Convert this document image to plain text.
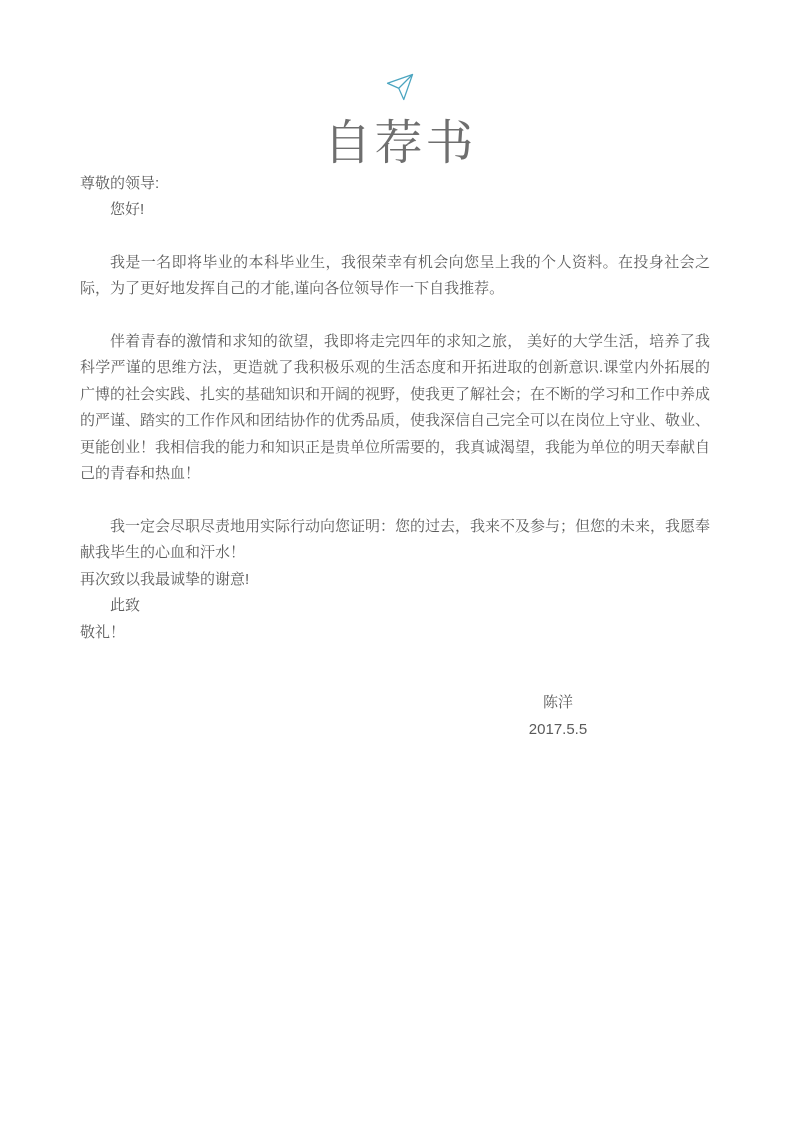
自荐书

尊敬的领导:

您好!

我是一名即将毕业的本科毕业生，我很荣幸有机会向您呈上我的个人资料。在投身社会之际，为了更好地发挥自己的才能,谨向各位领导作一下自我推荐。

伴着青春的激情和求知的欲望，我即将走完四年的求知之旅， 美好的大学生活，培养了我科学严谨的思维方法，更造就了我积极乐观的生活态度和开拓进取的创新意识.课堂内外拓展的广博的社会实践、扎实的基础知识和开阔的视野，使我更了解社会；在不断的学习和工作中养成的严谨、踏实的工作作风和团结协作的优秀品质，使我深信自己完全可以在岗位上守业、敬业、更能创业！我相信我的能力和知识正是贵单位所需要的，我真诚渴望，我能为单位的明天奉献自己的青春和热血！

我一定会尽职尽责地用实际行动向您证明：您的过去，我来不及参与；但您的未来，我愿奉献我毕生的心血和汗水！

再次致以我最诚挚的谢意!

此致

敬礼！

陈洋
2017.5.5
